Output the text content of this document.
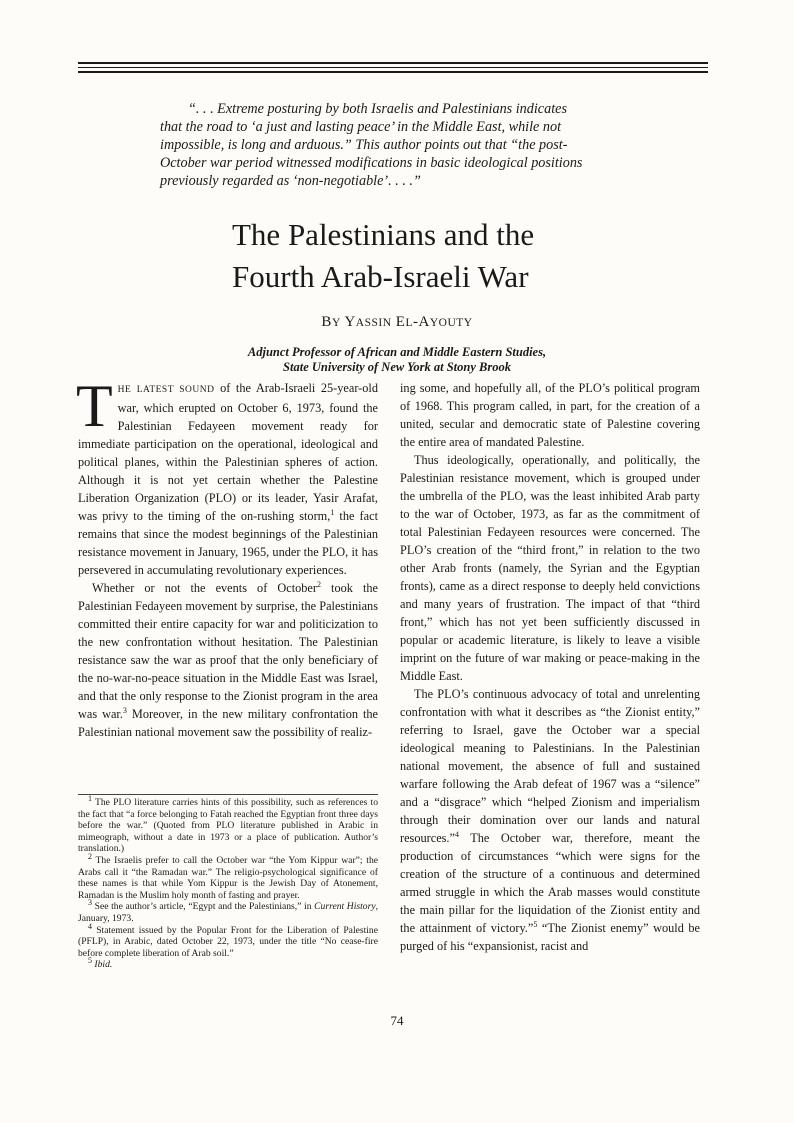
“. . . Extreme posturing by both Israelis and Palestinians indicates
that the road to ‘a just and lasting peace’ in the Middle East, while not
impossible, is long and arduous.” This author points out that “the post-
October war period witnessed modifications in basic ideological positions
previously regarded as ‘non-negotiable’. . . .”
The Palestinians and the
Fourth Arab-Israeli War
BY YASSIN EL-AYOUTY
Adjunct Professor of African and Middle Eastern Studies,
State University of New York at Stony Brook

THE LATEST SOUND of the Arab-Israeli 25-year-old war, which erupted on October 6, 1973, found the Palestinian Fedayeen movement ready for immediate participation on the operational, ideological and political planes, within the Palestinian spheres of action. Although it is not yet certain whether the Palestine Liberation Organization (PLO) or its leader, Yasir Arafat, was privy to the timing of the on-rushing storm,$^1$ the fact remains that since the modest beginnings of the Palestinian resistance movement in January, 1965, under the PLO, it has persevered in accumulating revolutionary experiences.

Whether or not the events of October$^2$ took the Palestinian Fedayeen movement by surprise, the Palestinians committed their entire capacity for war and politicization to the new confrontation without hesitation. The Palestinian resistance saw the war as proof that the only beneficiary of the no-war-no-peace situation in the Middle East was Israel, and that the only response to the Zionist program in the area was war.$^3$ Moreover, in the new military confrontation the Palestinian national movement saw the possibility of realiz-

$^1$ The PLO literature carries hints of this possibility, such as references to the fact that “a force belonging to Fatah reached the Egyptian front three days before the war.” (Quoted from PLO literature published in Arabic in mimeograph, without a date in 1973 or a place of publication. Author’s translation.)

$^2$ The Israelis prefer to call the October war “the Yom Kippur war”; the Arabs call it “the Ramadan war.” The religio-psychological significance of these names is that while Yom Kippur is the Jewish Day of Atonement, Ramadan is the Muslim holy month of fasting and prayer.

$^3$ See the author’s article, “Egypt and the Palestinians,” in Current History, January, 1973.

$^4$ Statement issued by the Popular Front for the Liberation of Palestine (PFLP), in Arabic, dated October 22, 1973, under the title “No cease-fire before complete liberation of Arab soil.”

$^5$ Ibid.

ing some, and hopefully all, of the PLO’s political program of 1968. This program called, in part, for the creation of a united, secular and democratic state of Palestine covering the entire area of mandated Palestine.

Thus ideologically, operationally, and politically, the Palestinian resistance movement, which is grouped under the umbrella of the PLO, was the least inhibited Arab party to the war of October, 1973, as far as the commitment of total Palestinian Fedayeen resources were concerned. The PLO’s creation of the “third front,” in relation to the two other Arab fronts (namely, the Syrian and the Egyptian fronts), came as a direct response to deeply held convictions and many years of frustration. The impact of that “third front,” which has not yet been sufficiently discussed in popular or academic literature, is likely to leave a visible imprint on the future of war making or peace-making in the Middle East.

The PLO’s continuous advocacy of total and unrelenting confrontation with what it describes as “the Zionist entity,” referring to Israel, gave the October war a special ideological meaning to Palestinians. In the Palestinian national movement, the absence of full and sustained warfare following the Arab defeat of 1967 was a “silence” and a “disgrace” which “helped Zionism and imperialism through their domination over our lands and natural resources.”$^4$ The October war, therefore, meant the production of circumstances “which were signs for the creation of the structure of a continuous and determined armed struggle in which the Arab masses would constitute the main pillar for the liquidation of the Zionist entity and the attainment of victory.”$^5$ “The Zionist enemy” would be purged of his “expansionist, racist and

74
